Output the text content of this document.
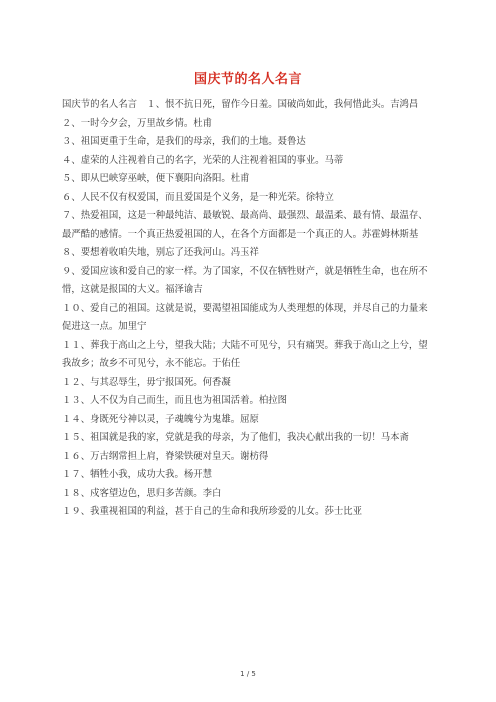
国庆节的名人名言

国庆节的名人名言　１、恨不抗日死，留作今日羞。国破尚如此，我何惜此头。吉鸿昌

２、一时今夕会，万里故乡情。杜甫

３、祖国更重于生命，是我们的母亲，我们的土地。聂鲁达

４、虚荣的人注视着自己的名字，光荣的人注视着祖国的事业。马蒂

５、即从巴峡穿巫峡，便下襄阳向洛阳。杜甫

６、人民不仅有权爱国，而且爱国是个义务，是一种光荣。徐特立

７、热爱祖国，这是一种最纯洁、最敏锐、最高尚、最强烈、最温柔、最有情、最温存、最严酷的感情。一个真正热爱祖国的人，在各个方面都是一个真正的人。苏霍姆林斯基

８、要想着收咱失地，别忘了还我河山。冯玉祥

９、爱国应该和爱自己的家一样。为了国家，不仅在牺牲财产，就是牺牲生命，也在所不惜，这就是报国的大义。福泽谕吉

１０、爱自己的祖国。这就是说，要渴望祖国能成为人类理想的体现，并尽自己的力量来促进这一点。加里宁

１１、葬我于高山之上兮，望我大陆；大陆不可见兮，只有痛哭。葬我于高山之上兮，望我故乡；故乡不可见兮，永不能忘。于佑任

１２、与其忍辱生，毋宁报国死。何香凝

１３、人不仅为自己而生，而且也为祖国活着。柏拉图

１４、身既死兮神以灵，子魂魄兮为鬼雄。屈原

１５、祖国就是我的家，党就是我的母亲，为了他们，我决心献出我的一切！马本斋

１６、万古纲常担上肩，脊梁铁硬对皇天。谢枋得

１７、牺牲小我，成功大我。杨开慧

１８、戍客望边色，思归多苦颜。李白

１９、我重视祖国的利益，甚于自己的生命和我所珍爱的儿女。莎士比亚

1 / 5
